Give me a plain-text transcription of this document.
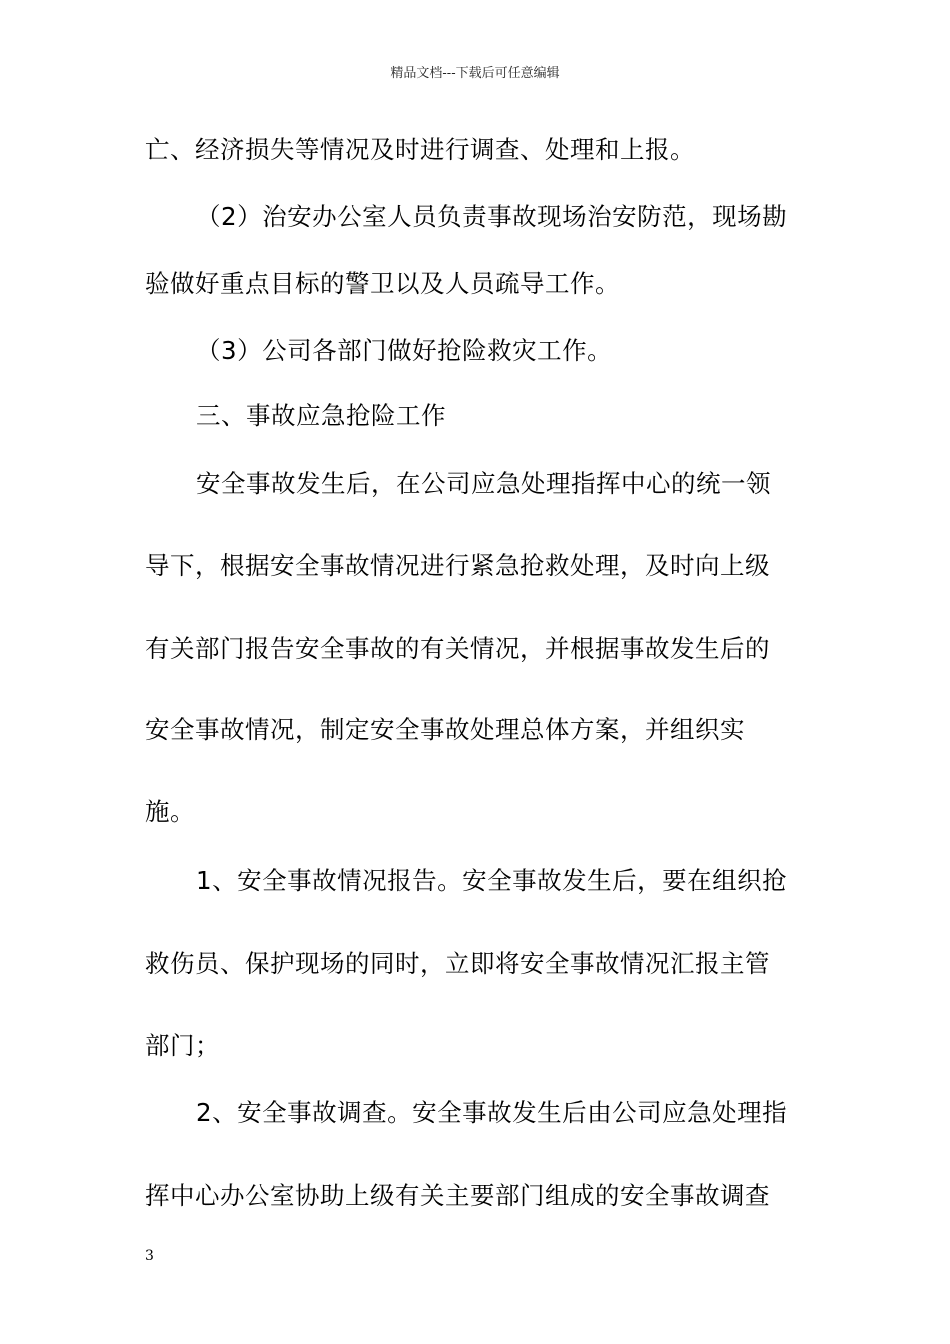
精品文档---下载后可任意编辑
亡、经济损失等情况及时进行调查、处理和上报。
（2）治安办公室人员负责事故现场治安防范，现场勘
验做好重点目标的警卫以及人员疏导工作。
（3）公司各部门做好抢险救灾工作。
三、事故应急抢险工作
安全事故发生后，在公司应急处理指挥中心的统一领
导下，根据安全事故情况进行紧急抢救处理，及时向上级
有关部门报告安全事故的有关情况，并根据事故发生后的
安全事故情况，制定安全事故处理总体方案，并组织实
施。
1、安全事故情况报告。安全事故发生后，要在组织抢
救伤员、保护现场的同时，立即将安全事故情况汇报主管
部门；
2、安全事故调查。安全事故发生后由公司应急处理指
挥中心办公室协助上级有关主要部门组成的安全事故调查
3
